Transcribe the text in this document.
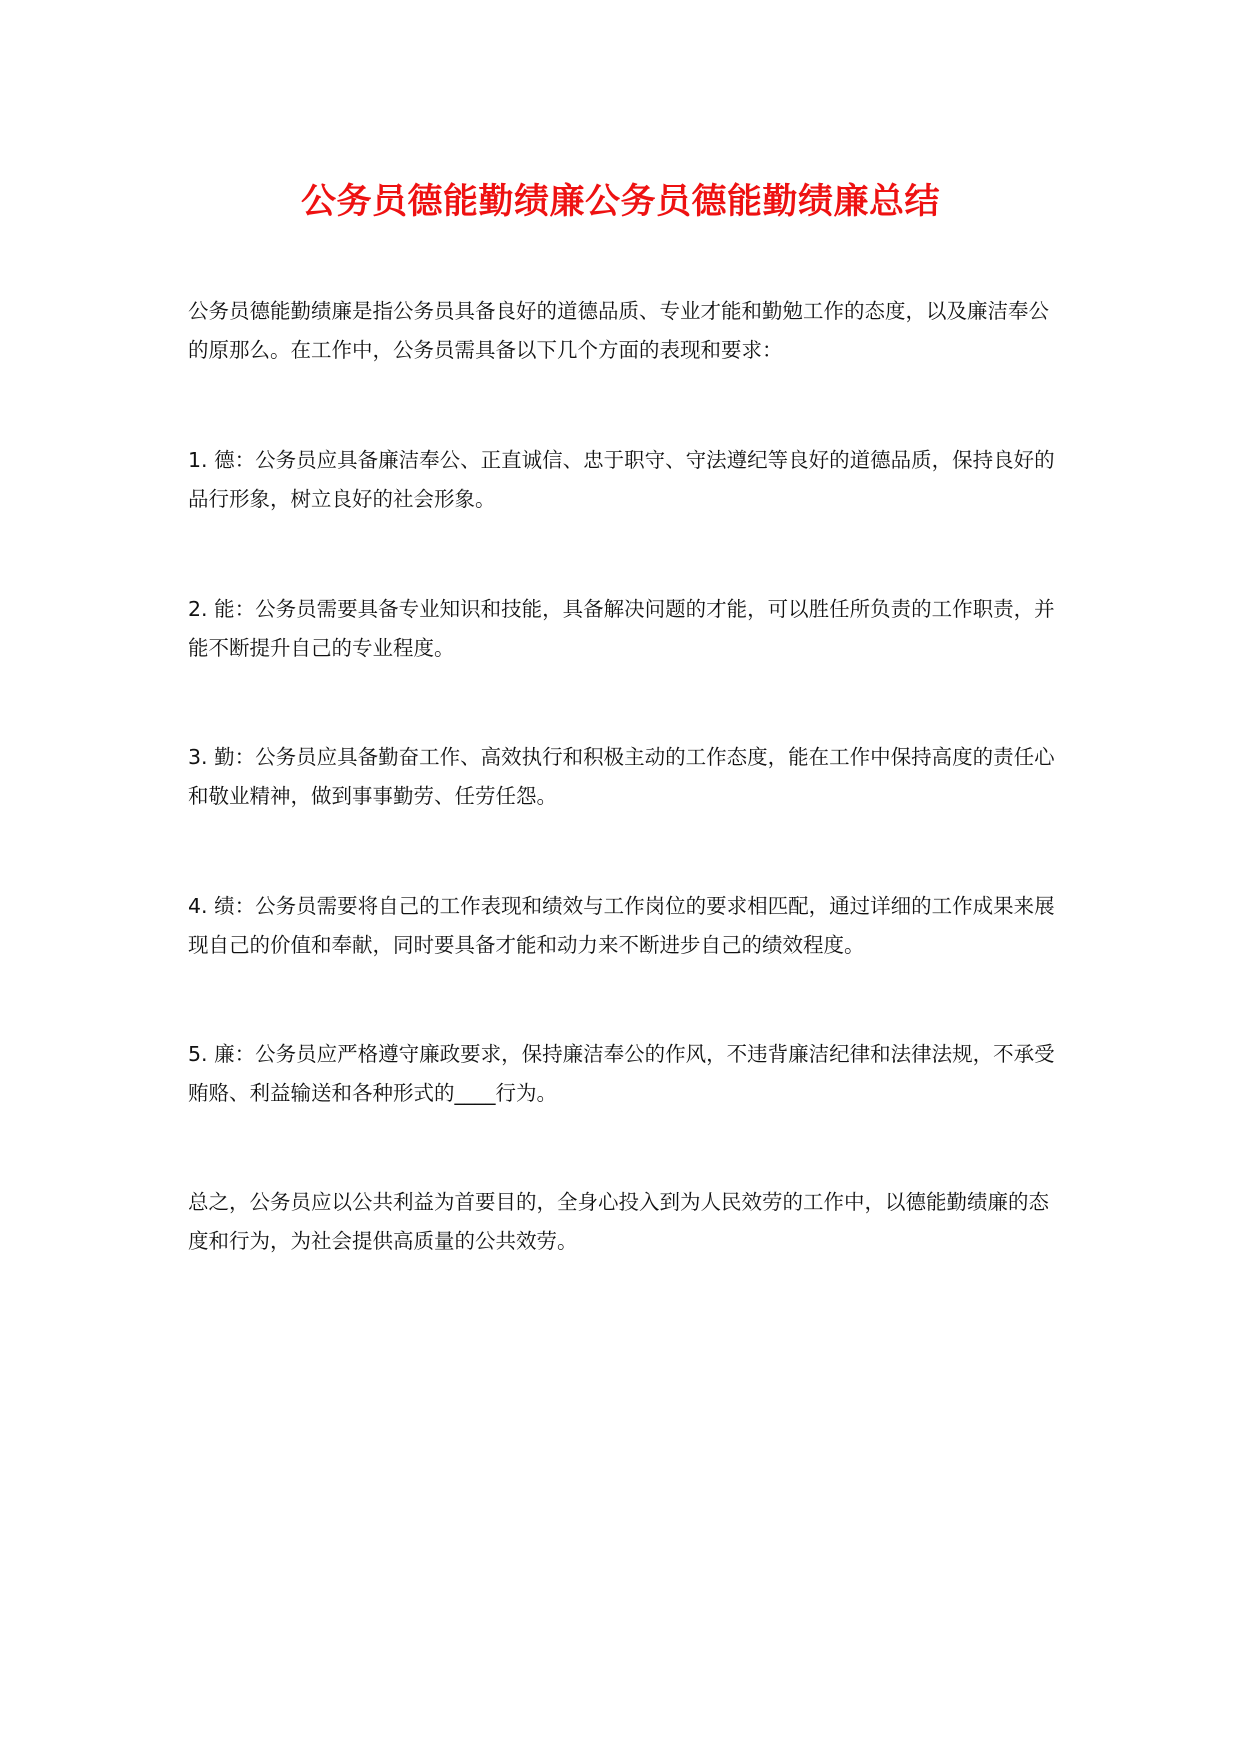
公务员德能勤绩廉公务员德能勤绩廉总结

公务员德能勤绩廉是指公务员具备良好的道德品质、专业才能和勤勉工作的态度，以及廉洁奉公的原那么。在工作中，公务员需具备以下几个方面的表现和要求：

1. 德：公务员应具备廉洁奉公、正直诚信、忠于职守、守法遵纪等良好的道德品质，保持良好的品行形象，树立良好的社会形象。

2. 能：公务员需要具备专业知识和技能，具备解决问题的才能，可以胜任所负责的工作职责，并能不断提升自己的专业程度。

3. 勤：公务员应具备勤奋工作、高效执行和积极主动的工作态度，能在工作中保持高度的责任心和敬业精神，做到事事勤劳、任劳任怨。

4. 绩：公务员需要将自己的工作表现和绩效与工作岗位的要求相匹配，通过详细的工作成果来展现自己的价值和奉献，同时要具备才能和动力来不断进步自己的绩效程度。

5. 廉：公务员应严格遵守廉政要求，保持廉洁奉公的作风，不违背廉洁纪律和法律法规，不承受贿赂、利益输送和各种形式的____行为。

总之，公务员应以公共利益为首要目的，全身心投入到为人民效劳的工作中，以德能勤绩廉的态度和行为，为社会提供高质量的公共效劳。
